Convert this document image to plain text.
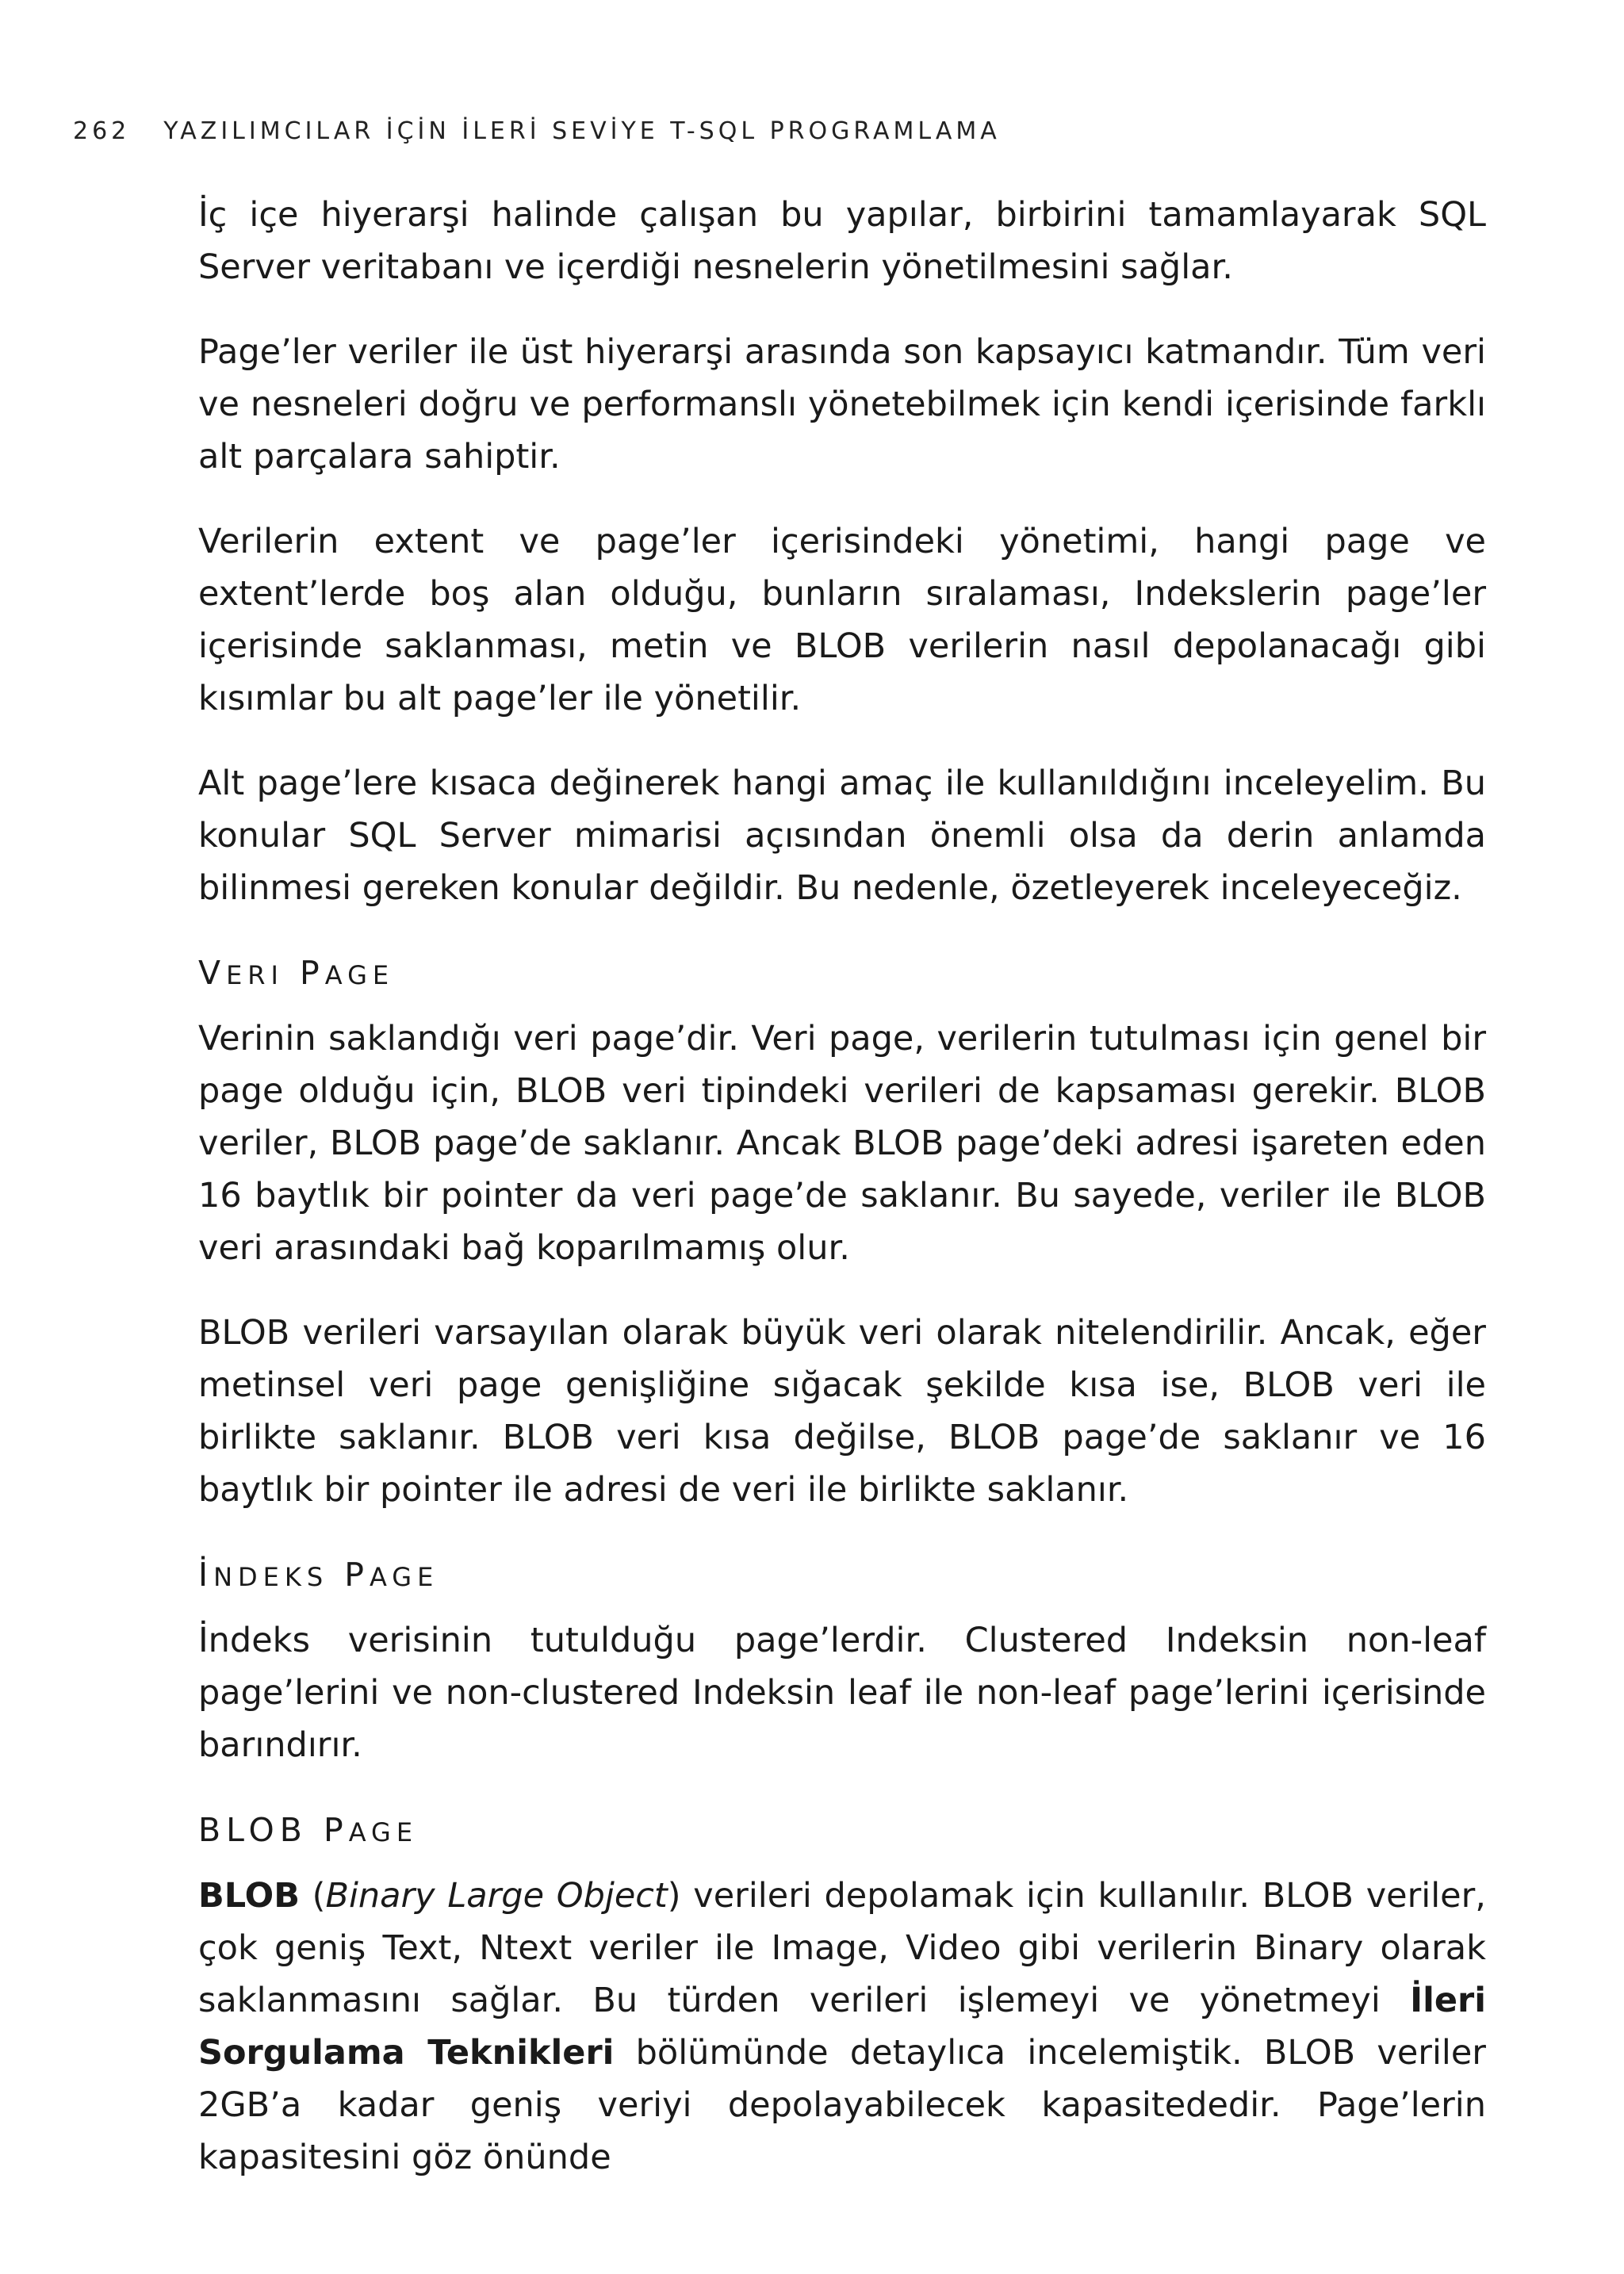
262 YAZILIMCILAR İÇİN İLERİ SEVİYE T-SQL PROGRAMLAMA

İç içe hiyerarşi halinde çalışan bu yapılar, birbirini tamamlayarak SQL Server veritabanı ve içerdiği nesnelerin yönetilmesini sağlar.

Page’ler veriler ile üst hiyerarşi arasında son kapsayıcı katmandır. Tüm veri ve nesneleri doğru ve performanslı yönetebilmek için kendi içerisinde farklı alt parçalara sahiptir.

Verilerin extent ve page’ler içerisindeki yönetimi, hangi page ve extent’lerde boş alan olduğu, bunların sıralaması, Indekslerin page’ler içerisinde saklanması, metin ve BLOB verilerin nasıl depolanacağı gibi kısımlar bu alt page’ler ile yönetilir.

Alt page’lere kısaca değinerek hangi amaç ile kullanıldığını inceleyelim. Bu konular SQL Server mimarisi açısından önemli olsa da derin anlamda bilinmesi gereken konular değildir. Bu nedenle, özetleyerek inceleyeceğiz.

VERI PAGE

Verinin saklandığı veri page’dir. Veri page, verilerin tutulması için genel bir page olduğu için, BLOB veri tipindeki verileri de kapsaması gerekir. BLOB veriler, BLOB page’de saklanır. Ancak BLOB page’deki adresi işareten eden 16 baytlık bir pointer da veri page’de saklanır. Bu sayede, veriler ile BLOB veri arasındaki bağ koparılmamış olur.

BLOB verileri varsayılan olarak büyük veri olarak nitelendirilir. Ancak, eğer metinsel veri page genişliğine sığacak şekilde kısa ise, BLOB veri ile birlikte saklanır. BLOB veri kısa değilse, BLOB page’de saklanır ve 16 baytlık bir pointer ile adresi de veri ile birlikte saklanır.

İNDEKS PAGE

İndeks verisinin tutulduğu page’lerdir. Clustered Indeksin non-leaf page’lerini ve non-clustered Indeksin leaf ile non-leaf page’lerini içerisinde barındırır.

BLOB PAGE

BLOB (Binary Large Object) verileri depolamak için kullanılır. BLOB veriler, çok geniş Text, Ntext veriler ile Image, Video gibi verilerin Binary olarak saklanmasını sağlar. Bu türden verileri işlemeyi ve yönetmeyi İleri Sorgulama Teknikleri bölümünde detaylıca incelemiştik. BLOB veriler 2GB’a kadar geniş veriyi depolayabilecek kapasitededir. Page’lerin kapasitesini göz önünde
